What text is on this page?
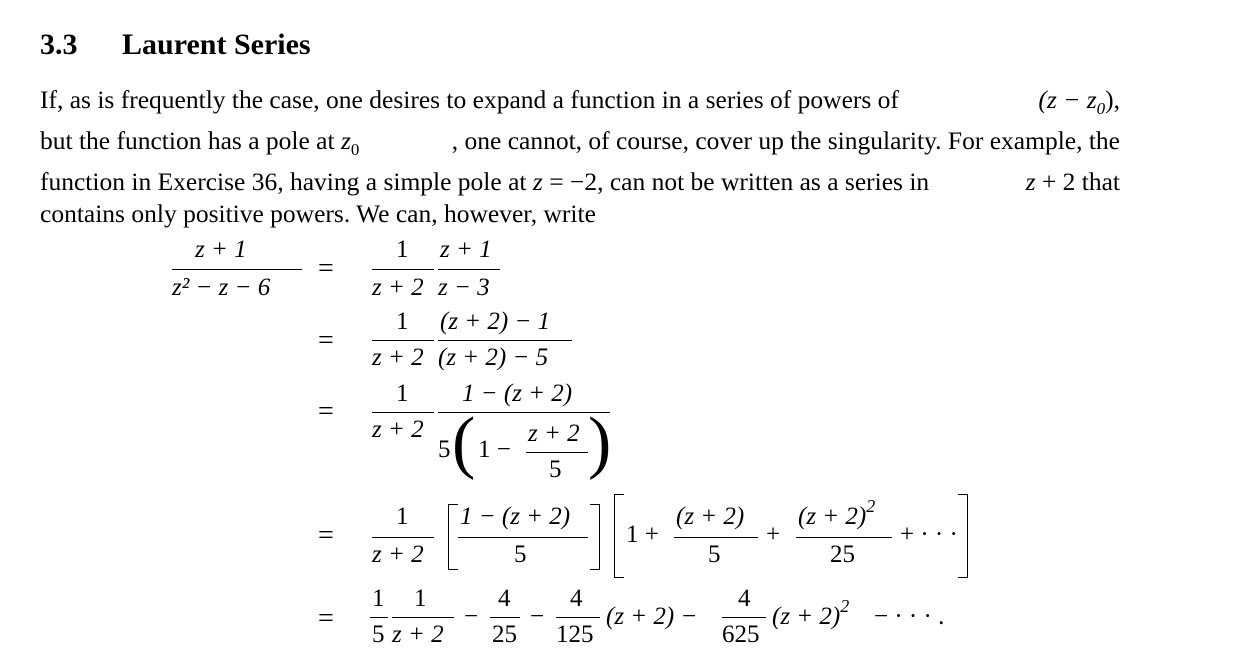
3.3 Laurent Series
If, as is frequently the case, one desires to expand a function in a series of powers of	$(z - z_0)$,
but the function has a pole at $z_0$	, one cannot, of course, cover up the singularity. For example, the
function in Exercise 36, having a simple pole at z = −2, can not be written as a series in	z + 2 that
contains only positive powers. We can, however, write
z + 1
z² − z − 6
=
1
z + 2
z + 1
z − 3
=
1
z + 2
(z + 2) − 1
(z + 2) − 5
=
1
z + 2
1 − (z + 2)
5 ( 1 −
z + 2
5 )
=
1
z + 2
1 − (z + 2)
5
1 +
(z + 2)
5
+
$(z + 2)^2$
25
+ · · ·
=
1
5
1
z + 2
−
4
25
−
4
125
(z + 2) −
4
625
$(z + 2)^2$ − · · · .
